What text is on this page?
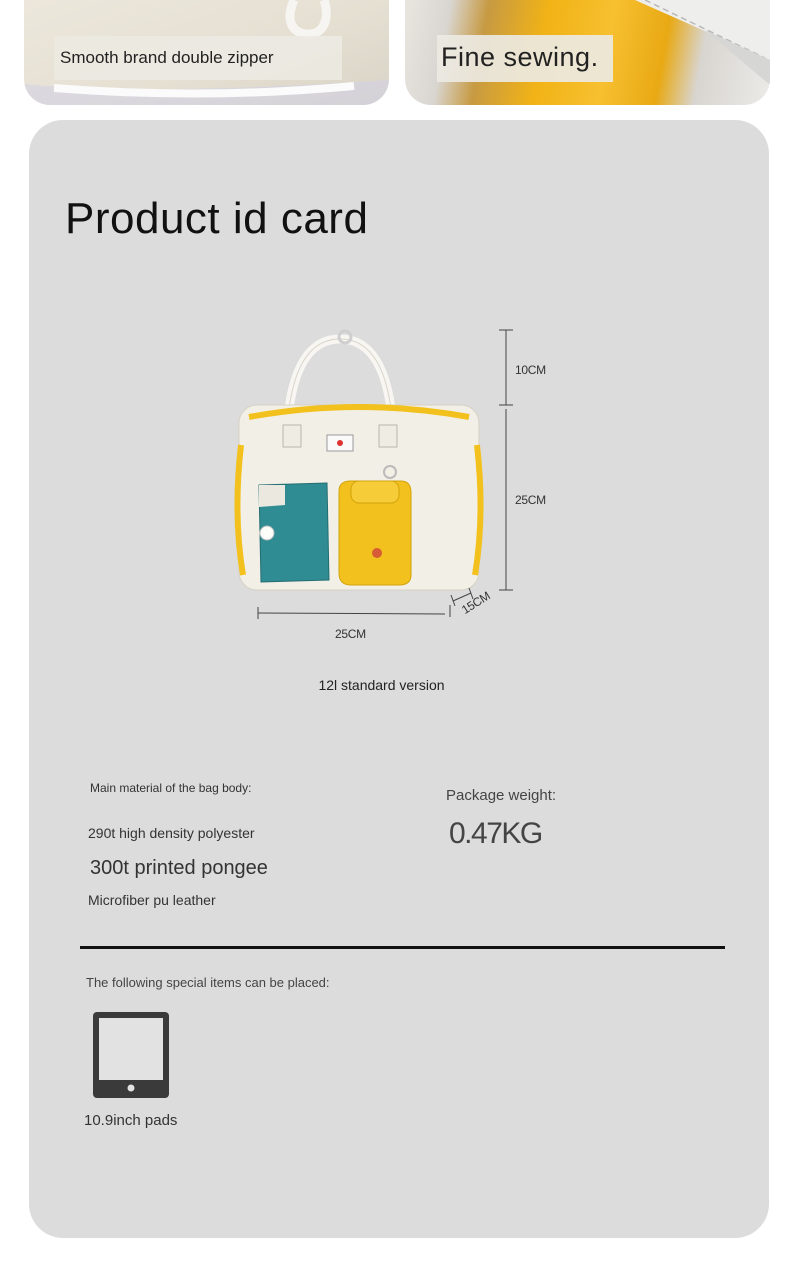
Smooth brand double zipper	Fine sewing.
Product id card
10CM
25CM
25CM
15CM
12l standard version
Main material of the bag body:
290t high density polyester
300t printed pongee
Microfiber pu leather
Package weight:
0.47KG
The following special items can be placed:
10.9inch pads
